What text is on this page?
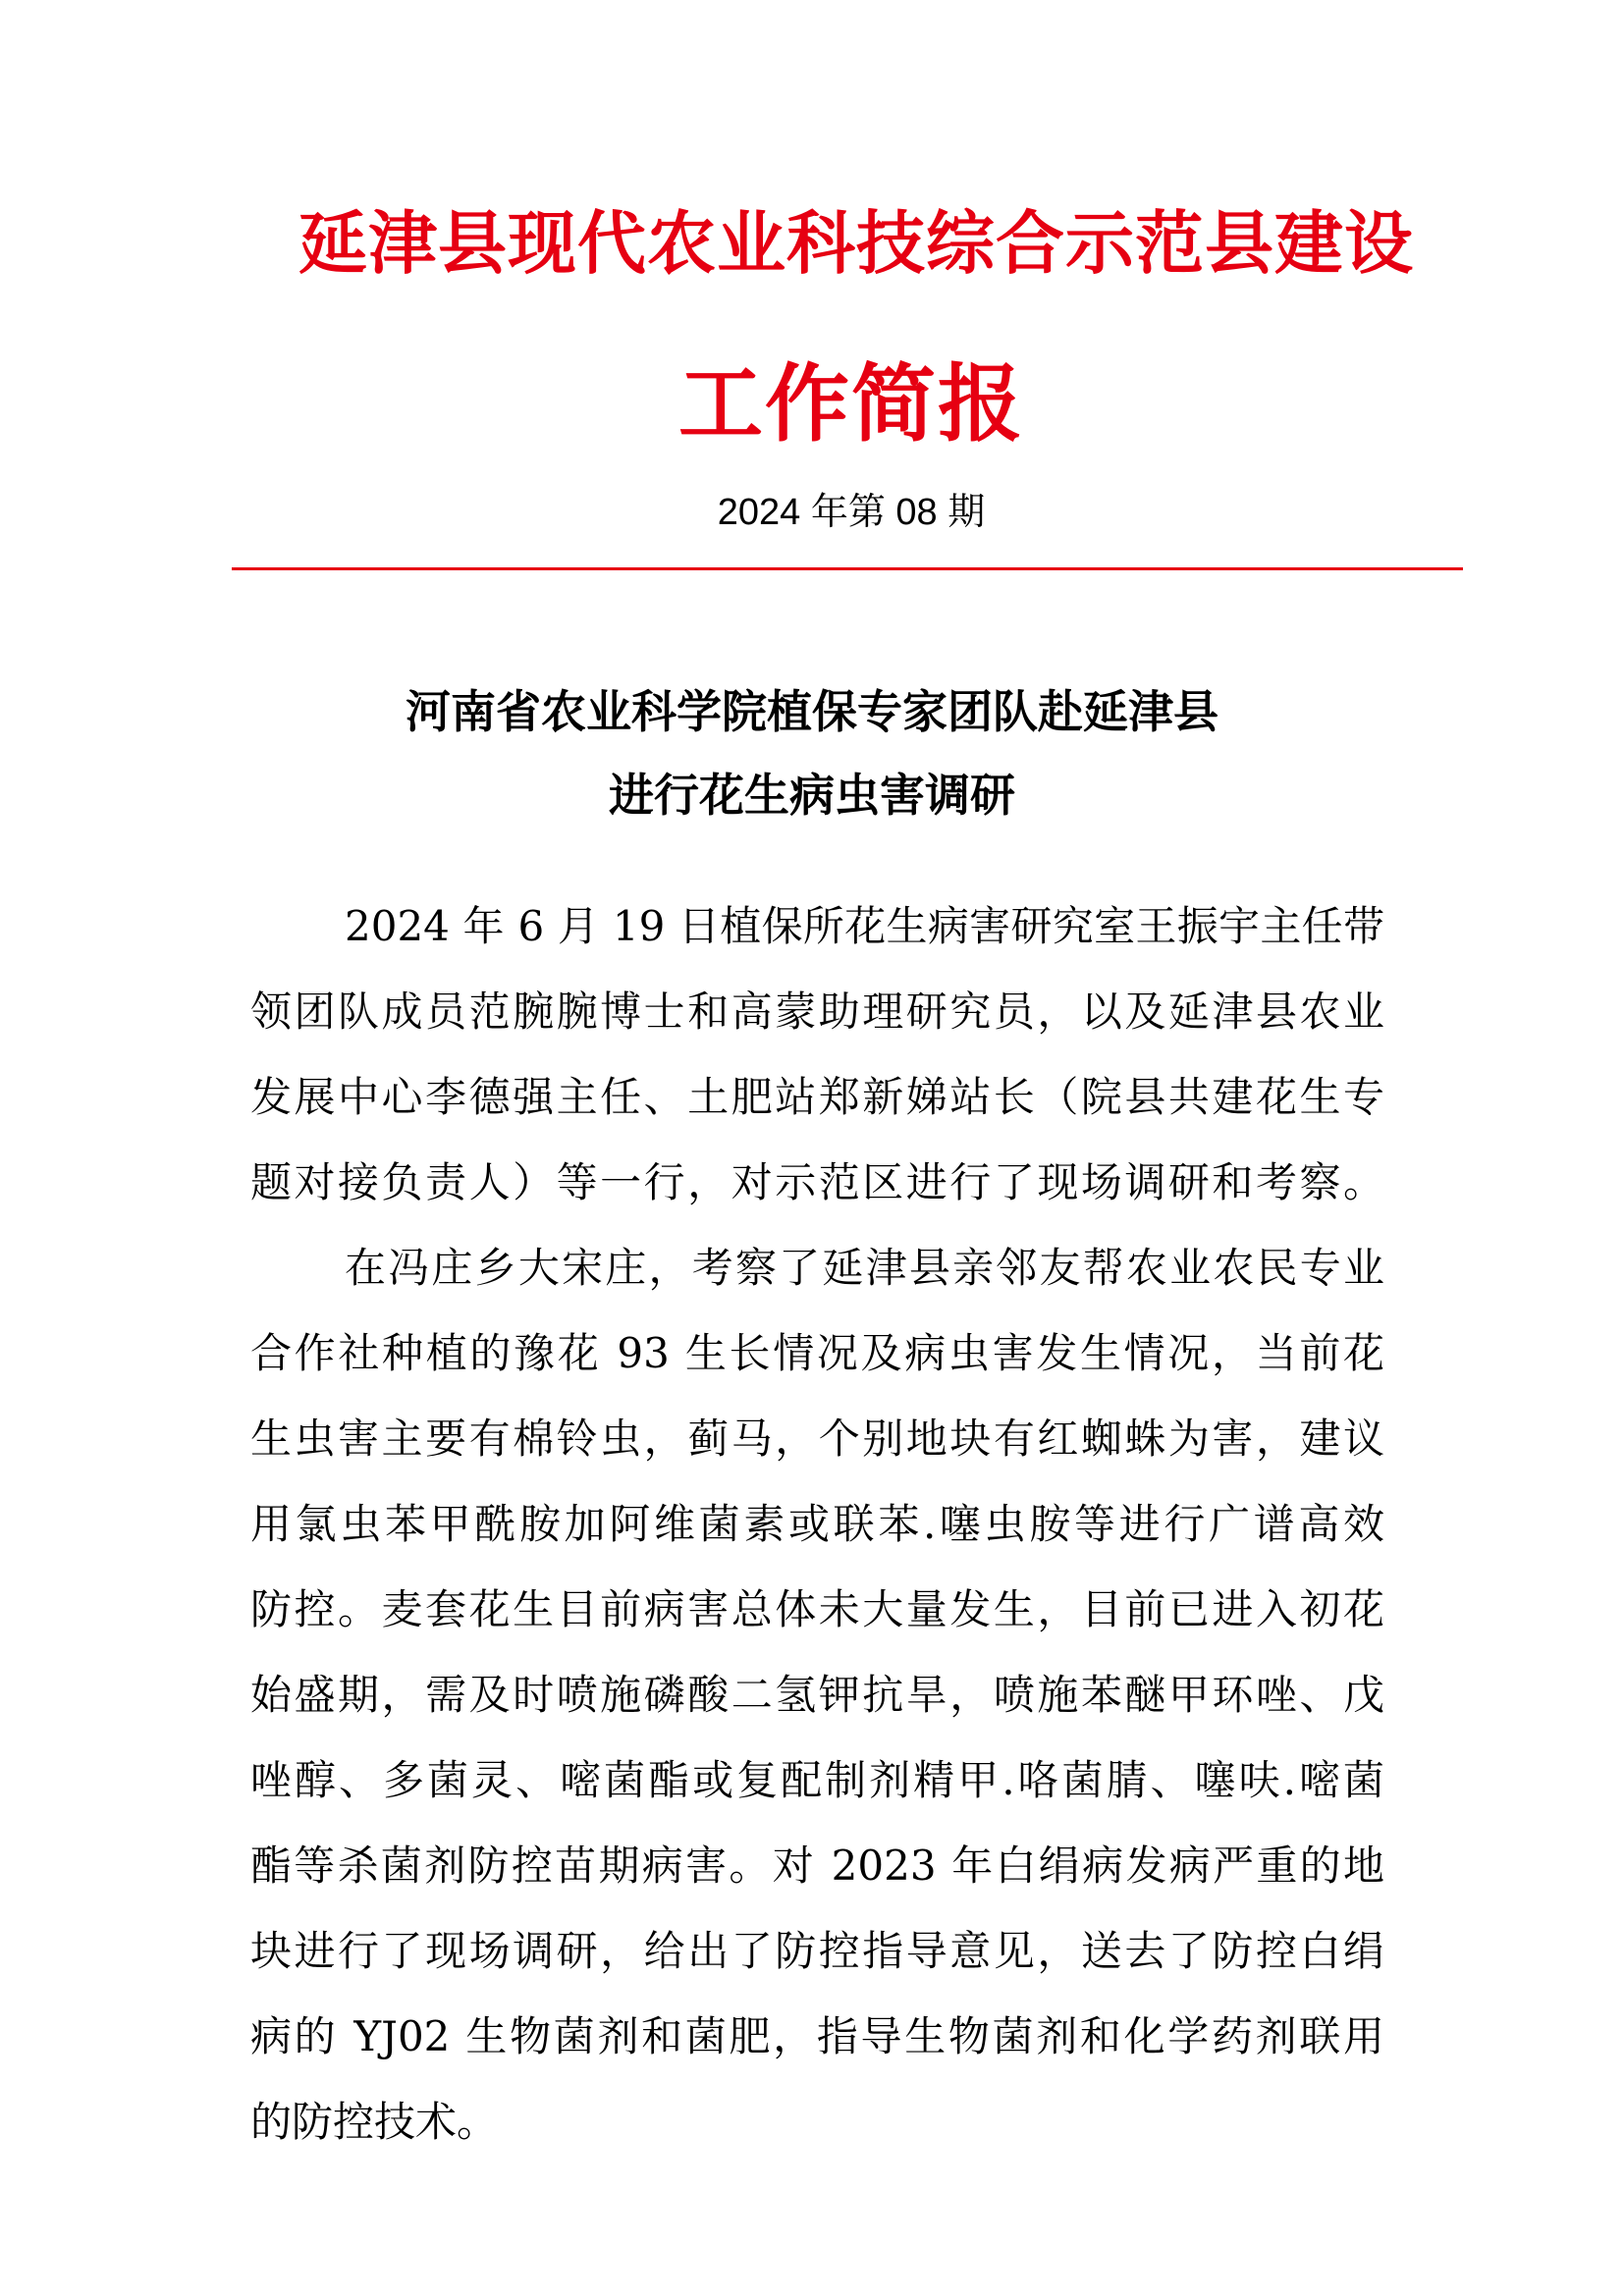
延津县现代农业科技综合示范县建设
工作简报
2024 年第 08 期
河南省农业科学院植保专家团队赴延津县
进行花生病虫害调研
2024 年 6 月 19 日植保所花生病害研究室王振宇主任带
领团队成员范腕腕博士和高蒙助理研究员，以及延津县农业
发展中心李德强主任、土肥站郑新娣站长（院县共建花生专
题对接负责人）等一行，对示范区进行了现场调研和考察。
在冯庄乡大宋庄，考察了延津县亲邻友帮农业农民专业
合作社种植的豫花 93 生长情况及病虫害发生情况，当前花
生虫害主要有棉铃虫，蓟马，个别地块有红蜘蛛为害，建议
用氯虫苯甲酰胺加阿维菌素或联苯.噻虫胺等进行广谱高效
防控。麦套花生目前病害总体未大量发生，目前已进入初花
始盛期，需及时喷施磷酸二氢钾抗旱，喷施苯醚甲环唑、戊
唑醇、多菌灵、嘧菌酯或复配制剂精甲.咯菌腈、噻呋.嘧菌
酯等杀菌剂防控苗期病害。对 2023 年白绢病发病严重的地
块进行了现场调研，给出了防控指导意见，送去了防控白绢
病的 YJ02 生物菌剂和菌肥，指导生物菌剂和化学药剂联用
的防控技术。
